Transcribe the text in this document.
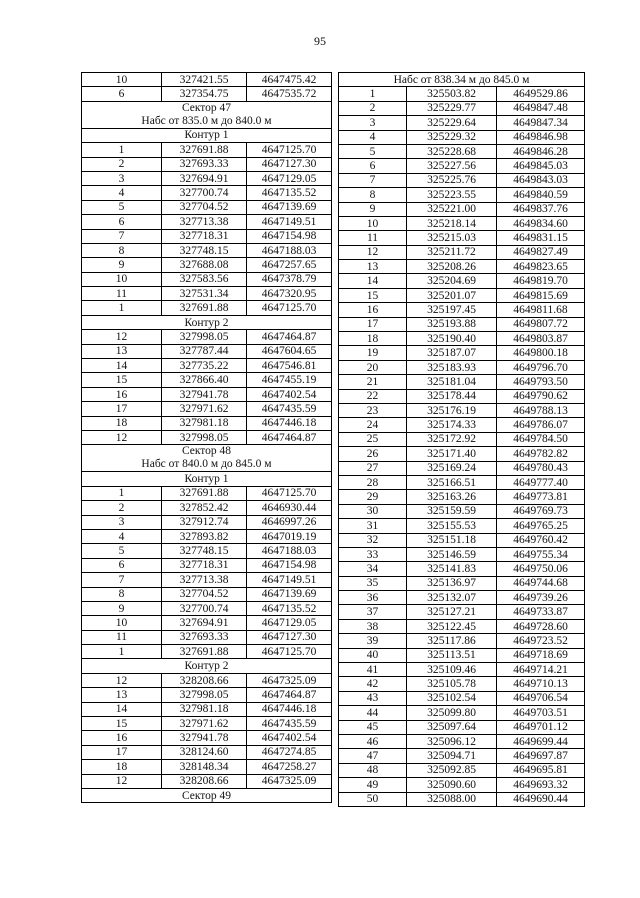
95
10	327421.55	4647475.42
6	327354.75	4647535.72

Сектор 47
Набс от 835.0 м до 840.0 м		

Контур 1		
1	327691.88	4647125.70
2	327693.33	4647127.30
3	327694.91	4647129.05
4	327700.74	4647135.52
5	327704.52	4647139.69
6	327713.38	4647149.51
7	327718.31	4647154.98
8	327748.15	4647188.03
9	327688.08	4647257.65
10	327583.56	4647378.79
11	327531.34	4647320.95
1	327691.88	4647125.70
Контур 2		
12	327998.05	4647464.87
13	327787.44	4647604.65
14	327735.22	4647546.81
15	327866.40	4647455.19
16	327941.78	4647402.54
17	327971.62	4647435.59
18	327981.18	4647446.18
12	327998.05	4647464.87

Сектор 48
Набс от 840.0 м до 845.0 м		

Контур 1		
1	327691.88	4647125.70
2	327852.42	4646930.44
3	327912.74	4646997.26
4	327893.82	4647019.19
5	327748.15	4647188.03
6	327718.31	4647154.98
7	327713.38	4647149.51
8	327704.52	4647139.69
9	327700.74	4647135.52
10	327694.91	4647129.05
11	327693.33	4647127.30
1	327691.88	4647125.70
Контур 2		
12	328208.66	4647325.09
13	327998.05	4647464.87
14	327981.18	4647446.18
15	327971.62	4647435.59
16	327941.78	4647402.54
17	328124.60	4647274.85
18	328148.34	4647258.27
12	328208.66	4647325.09
Сектор 49		
Набс от 838.34 м до 845.0 м		
1	325503.82	4649529.86
2	325229.77	4649847.48
3	325229.64	4649847.34
4	325229.32	4649846.98
5	325228.68	4649846.28
6	325227.56	4649845.03
7	325225.76	4649843.03
8	325223.55	4649840.59
9	325221.00	4649837.76
10	325218.14	4649834.60
11	325215.03	4649831.15
12	325211.72	4649827.49
13	325208.26	4649823.65
14	325204.69	4649819.70
15	325201.07	4649815.69
16	325197.45	4649811.68
17	325193.88	4649807.72
18	325190.40	4649803.87
19	325187.07	4649800.18
20	325183.93	4649796.70
21	325181.04	4649793.50
22	325178.44	4649790.62
23	325176.19	4649788.13
24	325174.33	4649786.07
25	325172.92	4649784.50
26	325171.40	4649782.82
27	325169.24	4649780.43
28	325166.51	4649777.40
29	325163.26	4649773.81
30	325159.59	4649769.73
31	325155.53	4649765.25
32	325151.18	4649760.42
33	325146.59	4649755.34
34	325141.83	4649750.06
35	325136.97	4649744.68
36	325132.07	4649739.26
37	325127.21	4649733.87
38	325122.45	4649728.60
39	325117.86	4649723.52
40	325113.51	4649718.69
41	325109.46	4649714.21
42	325105.78	4649710.13
43	325102.54	4649706.54
44	325099.80	4649703.51
45	325097.64	4649701.12
46	325096.12	4649699.44
47	325094.71	4649697.87
48	325092.85	4649695.81
49	325090.60	4649693.32
50	325088.00	4649690.44
